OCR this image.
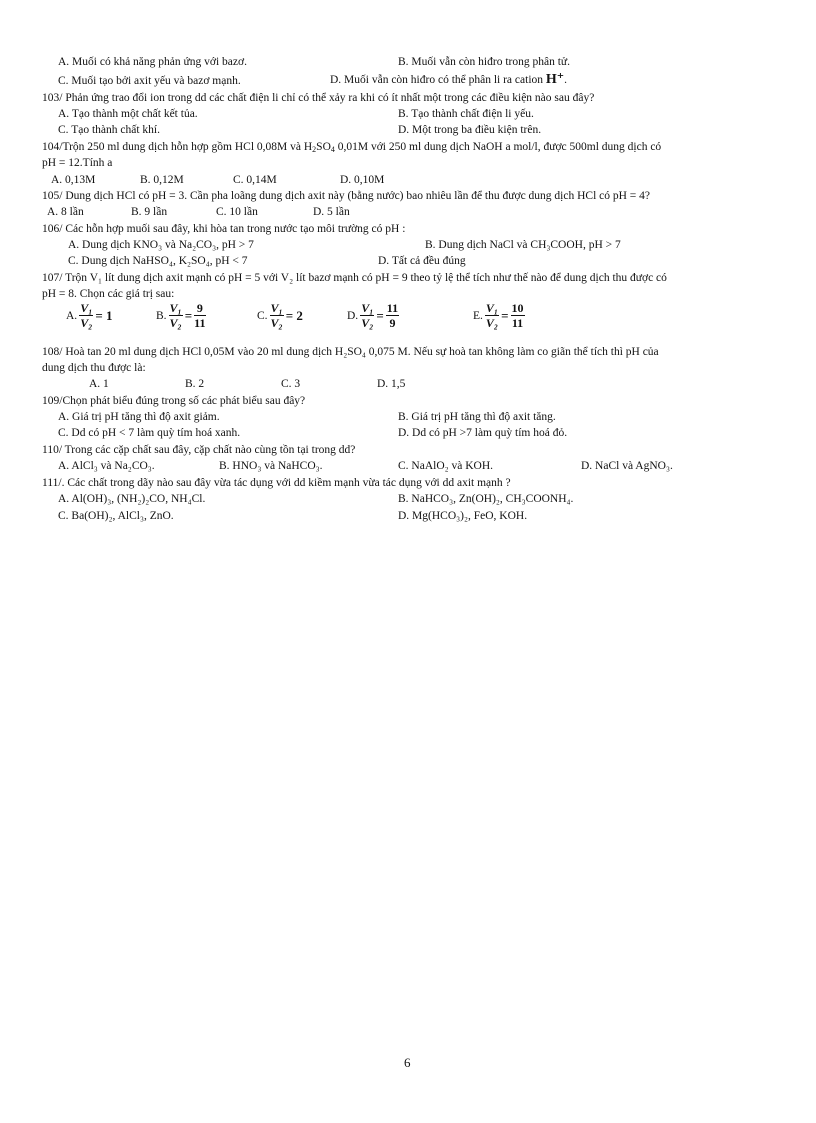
A. Muối có khả năng phản ứng với bazơ.	B. Muối vẫn còn hiđro trong phân tử.
C. Muối tạo bởi axit yếu và bazơ mạnh.	D. Muối vẫn còn hiđro có thể phân li ra cation H⁺.
103/ Phản ứng trao đổi ion trong dd các chất điện li chỉ có thể xảy ra khi có ít nhất một trong các điều kiện nào sau đây?
A. Tạo thành một chất kết tủa.	B. Tạo thành chất điện li yếu.
C. Tạo thành chất khí.	D. Một trong ba điều kiện trên.
104/Trộn 250 ml dung dịch hỗn hợp gồm HCl 0,08M và $H_2SO_4$ 0,01M với 250 ml dung dịch NaOH a mol/l, được 500ml dung dịch có
pH = 12.Tính a
A. 0,13M	B. 0,12M	C. 0,14M	D. 0,10M
105/ Dung dịch HCl có pH = 3. Cần pha loãng dung dịch axit này (bằng nước) bao nhiêu lần để thu được dung dịch HCl có pH = 4?
A. 8 lần	B. 9 lần	C. 10 lần	D. 5 lần
106/ Các hỗn hợp muối sau đây, khi hòa tan trong nước tạo môi trường có pH :
A. Dung dịch KNO₃ và Na₂CO₃, pH > 7	B. Dung dịch NaCl và CH₃COOH, pH > 7
C. Dung dịch NaHSO₄, K₂SO₄, pH < 7	D. Tất cả đều đúng
107/ Trộn V₁ lít dung dịch axit mạnh có pH = 5 với V₂ lít bazơ mạnh có pH = 9 theo tỷ lệ thể tích như thế nào để dung dịch thu được có
pH = 8. Chọn các giá trị sau:
A. $\frac{\text{V₁}}{\text{V₂}} = 1$	B. $\frac{\text{V₁}}{\text{V₂}} = \frac{9}{11}$	C. $\frac{\text{V₁}}{\text{V₂}} = 2$	D. $\frac{\text{V₁}}{\text{V₂}} = \frac{11}{9}$	E. $\frac{\text{V₁}}{\text{V₂}} = \frac{10}{11}$
108/ Hoà tan 20 ml dung dịch HCl 0,05M vào 20 ml dung dịch H₂SO₄ 0,075 M. Nếu sự hoà tan không làm co giãn thể tích thì pH của
dung dịch thu được là:
A. 1	B. 2	C. 3	D. 1,5
109/Chọn phát biểu đúng trong số các phát biểu sau đây?
A. Giá trị pH tăng thì độ axit giảm.	B. Giá trị pH tăng thì độ axit tăng.
C. Dd có pH < 7 làm quỳ tím hoá xanh.	D. Dd có pH >7 làm quỳ tím hoá đỏ.
110/ Trong các cặp chất sau đây, cặp chất nào cùng tồn tại trong dd?
A. AlCl₃ và Na₂CO₃.	B. HNO₃ và NaHCO₃.	C. NaAlO₂ và KOH.	D. NaCl và AgNO₃.
111/. Các chất trong dãy nào sau đây vừa tác dụng với dd kiềm mạnh vừa tác dụng với dd axit mạnh ?
A. Al(OH)₃, (NH₂)₂CO, NH₄Cl.	B. NaHCO₃, Zn(OH)₂, CH₃COONH₄.
C. Ba(OH)₂, AlCl₃, ZnO.	D. Mg(HCO₃)₂, FeO, KOH.
6
